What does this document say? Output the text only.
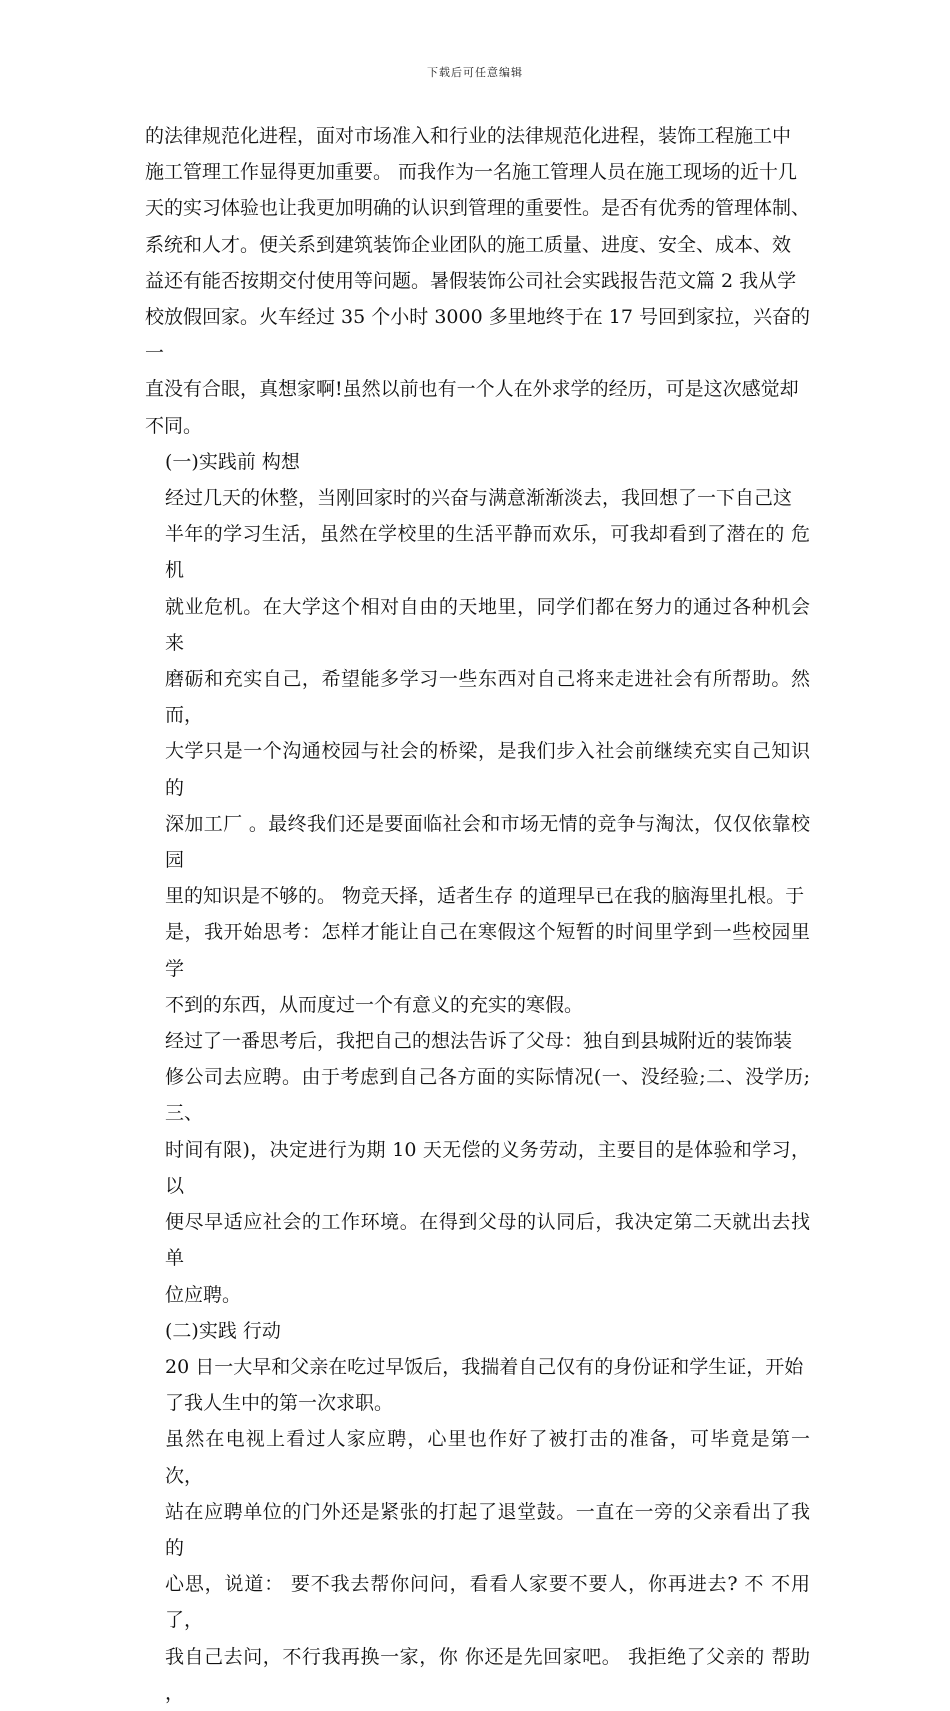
下载后可任意编辑

的法律规范化进程，面对市场准入和行业的法律规范化进程，装饰工程施工中
施工管理工作显得更加重要。 而我作为一名施工管理人员在施工现场的近十几
天的实习体验也让我更加明确的认识到管理的重要性。是否有优秀的管理体制、
系统和人才。便关系到建筑装饰企业团队的施工质量、进度、安全、成本、效
益还有能否按期交付使用等问题。暑假装饰公司社会实践报告范文篇 2 我从学
校放假回家。火车经过 35 个小时 3000 多里地终于在 17 号回到家拉，兴奋的一
直没有合眼，真想家啊!虽然以前也有一个人在外求学的经历，可是这次感觉却
不同。

(一)实践前 构想

经过几天的休整，当刚回家时的兴奋与满意渐渐淡去，我回想了一下自己这
半年的学习生活，虽然在学校里的生活平静而欢乐，可我却看到了潜在的 危机
就业危机。在大学这个相对自由的天地里，同学们都在努力的通过各种机会来
磨砺和充实自己，希望能多学习一些东西对自己将来走进社会有所帮助。然而，
大学只是一个沟通校园与社会的桥梁，是我们步入社会前继续充实自己知识的
深加工厂 。最终我们还是要面临社会和市场无情的竞争与淘汰，仅仅依靠校园
里的知识是不够的。 物竞天择，适者生存 的道理早已在我的脑海里扎根。于
是，我开始思考：怎样才能让自己在寒假这个短暂的时间里学到一些校园里学
不到的东西，从而度过一个有意义的充实的寒假。

经过了一番思考后，我把自己的想法告诉了父母：独自到县城附近的装饰装
修公司去应聘。由于考虑到自己各方面的实际情况(一、没经验;二、没学历;三、
时间有限)，决定进行为期 10 天无偿的义务劳动，主要目的是体验和学习，以
便尽早适应社会的工作环境。在得到父母的认同后，我决定第二天就出去找单
位应聘。

(二)实践 行动

20 日一大早和父亲在吃过早饭后，我揣着自己仅有的身份证和学生证，开始
了我人生中的第一次求职。

虽然在电视上看过人家应聘，心里也作好了被打击的准备，可毕竟是第一次，
站在应聘单位的门外还是紧张的打起了退堂鼓。一直在一旁的父亲看出了我的
心思，说道： 要不我去帮你问问，看看人家要不要人，你再进去? 不 不用了，
我自己去问，不行我再换一家，你 你还是先回家吧。 我拒绝了父亲的 帮助 ，
